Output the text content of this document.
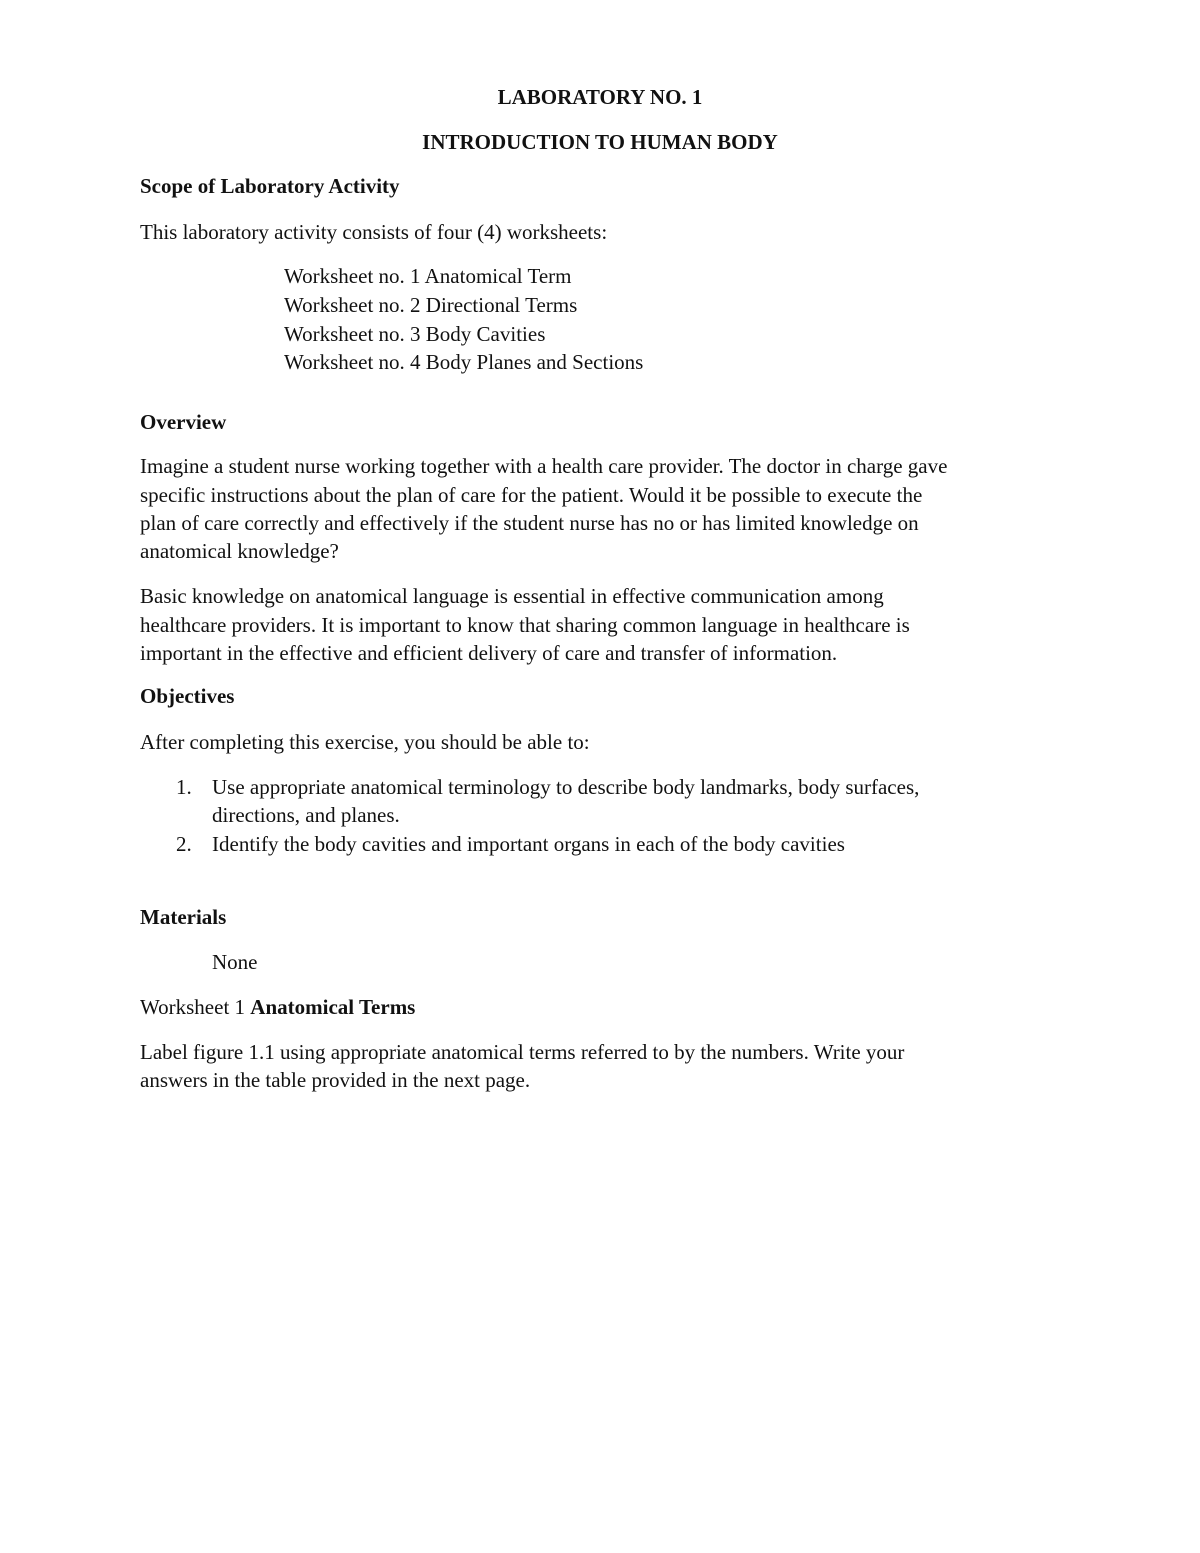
LABORATORY NO. 1
INTRODUCTION TO HUMAN BODY
Scope of Laboratory Activity
This laboratory activity consists of four (4) worksheets:
Worksheet no. 1 Anatomical Term
Worksheet no. 2 Directional Terms
Worksheet no. 3 Body Cavities
Worksheet no. 4 Body Planes and Sections
Overview
Imagine a student nurse working together with a health care provider. The doctor in charge gave
specific instructions about the plan of care for the patient. Would it be possible to execute the
plan of care correctly and effectively if the student nurse has no or has limited knowledge on
anatomical knowledge?
Basic knowledge on anatomical language is essential in effective communication among
healthcare providers. It is important to know that sharing common language in healthcare is
important in the effective and efficient delivery of care and transfer of information.
Objectives
After completing this exercise, you should be able to:
1. Use appropriate anatomical terminology to describe body landmarks, body surfaces,
directions, and planes.
2. Identify the body cavities and important organs in each of the body cavities
Materials
None
Worksheet 1 Anatomical Terms
Label figure 1.1 using appropriate anatomical terms referred to by the numbers. Write your
answers in the table provided in the next page.
